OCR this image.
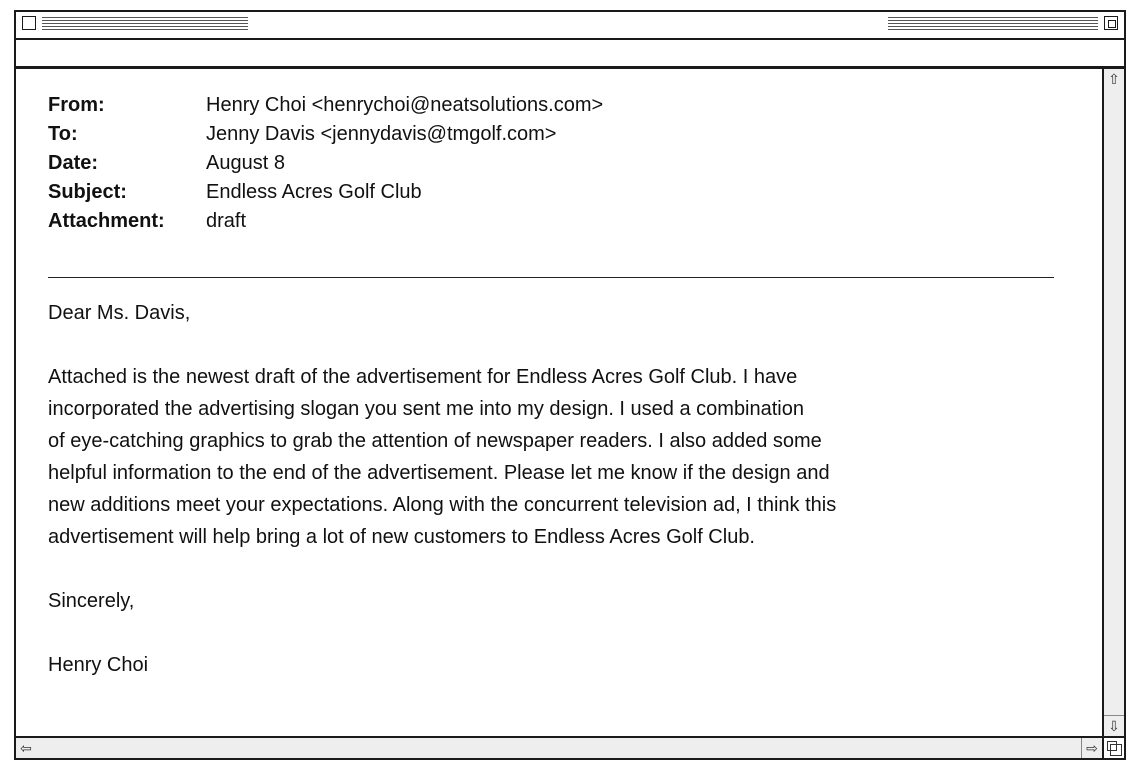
From:	Henry Choi <henrychoi@neatsolutions.com>
To:	Jenny Davis <jennydavis@tmgolf.com>
Date:	August 8
Subject:	Endless Acres Golf Club
Attachment:	draft

Dear Ms. Davis,

Attached is the newest draft of the advertisement for Endless Acres Golf Club. I have

incorporated the advertising slogan you sent me into my design. I used a combination

of eye-catching graphics to grab the attention of newspaper readers. I also added some

helpful information to the end of the advertisement. Please let me know if the design and

new additions meet your expectations. Along with the concurrent television ad, I think this

advertisement will help bring a lot of new customers to Endless Acres Golf Club.

Sincerely,

Henry Choi

⇧
⇩
⇦	⇨
